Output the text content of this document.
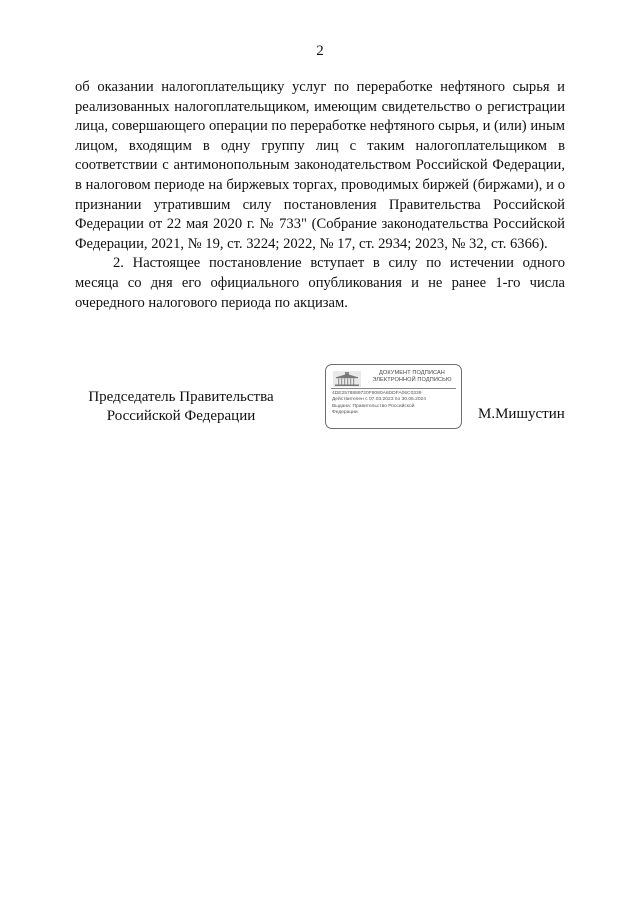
2

об оказании налогоплательщику услуг по переработке нефтяного сырья и реализованных налогоплательщиком, имеющим свидетельство о регистрации лица, совершающего операции по переработке нефтяного сырья, и (или) иным лицом, входящим в одну группу лиц с таким налогоплательщиком в соответствии с антимонопольным законодательством Российской Федерации, в налоговом периоде на биржевых торгах, проводимых биржей (биржами), и о признании утратившим силу постановления Правительства Российской Федерации от 22 мая 2020 г. № 733" (Собрание законодательства Российской Федерации, 2021, № 19, ст. 3224; 2022, № 17, ст. 2934; 2023, № 32, ст. 6366).

2. Настоящее постановление вступает в силу по истечении одного месяца со дня его официального опубликования и не ранее 1-го числа очередного налогового периода по акцизам.

Председатель Правительства
Российской Федерации
ДОКУМЕНТ ПОДПИСАН
ЭЛЕКТРОННОЙ ПОДПИСЬЮ
4DE2578889720F8080A6DDFA06C0339
Действителен с 07.03.2023 по 30.05.2024
Выдана: Правительство Российской
Федерации	М.Мишустин
